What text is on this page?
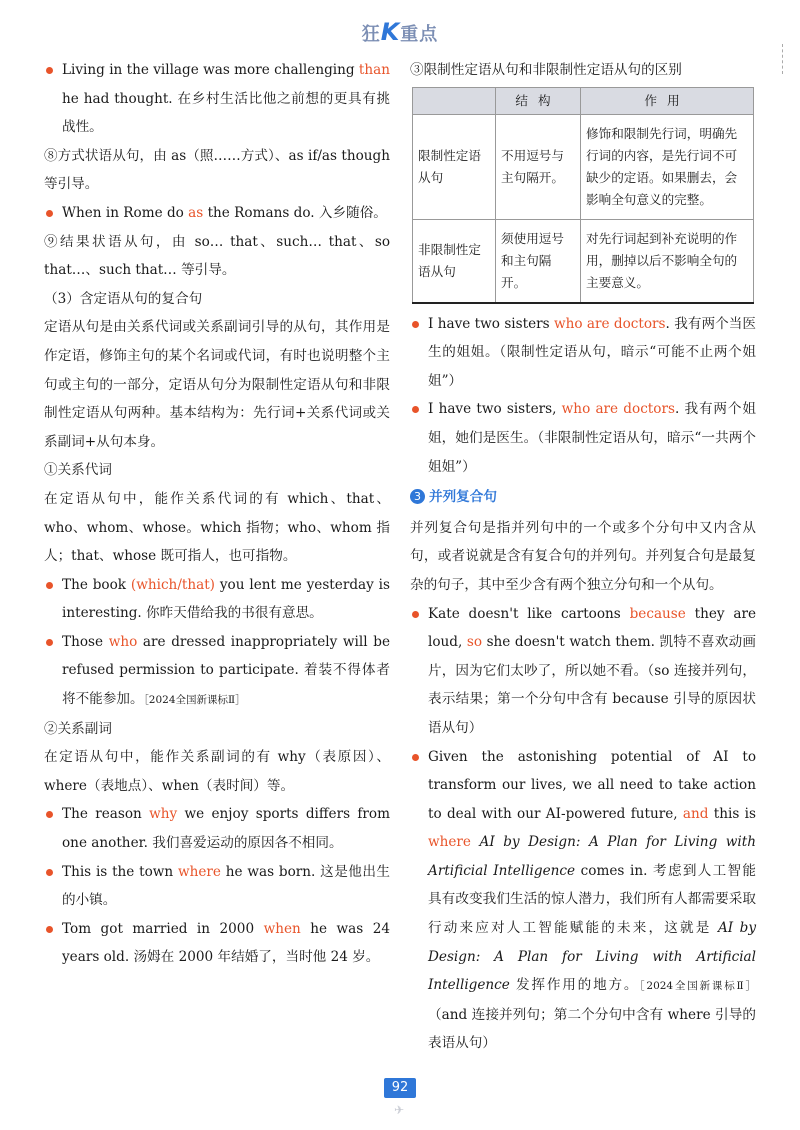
狂K重点

Living in the village was more challenging than he had thought. 在乡村生活比他之前想的更具有挑战性。

⑧方式状语从句，由 as（照……方式）、as if/as though 等引导。

When in Rome do as the Romans do. 入乡随俗。

⑨结果状语从句，由 so… that、such… that、so that…、such that… 等引导。

（3）含定语从句的复合句

定语从句是由关系代词或关系副词引导的从句，其作用是作定语，修饰主句的某个名词或代词，有时也说明整个主句或主句的一部分，定语从句分为限制性定语从句和非限制性定语从句两种。基本结构为：先行词+关系代词或关系副词+从句本身。

①关系代词

在定语从句中，能作关系代词的有 which、that、who、whom、whose。which 指物；who、whom 指人；that、whose 既可指人，也可指物。

The book (which/that) you lent me yesterday is interesting. 你昨天借给我的书很有意思。

Those who are dressed inappropriately will be refused permission to participate. 着装不得体者将不能参加。［2024全国新课标Ⅱ］

②关系副词

在定语从句中，能作关系副词的有 why（表原因）、where（表地点）、when（表时间）等。

The reason why we enjoy sports differs from one another. 我们喜爱运动的原因各不相同。

This is the town where he was born. 这是他出生的小镇。

Tom got married in 2000 when he was 24 years old. 汤姆在 2000 年结婚了，当时他 24 岁。

③限制性定语从句和非限制性定语从句的区别

	结构	作用
限制性定语从句	不用逗号与主句隔开。	修饰和限制先行词，明确先行词的内容，是先行词不可缺少的定语。如果删去，会影响全句意义的完整。
非限制性定语从句	须使用逗号和主句隔开。	对先行词起到补充说明的作用，删掉以后不影响全句的主要意义。

I have two sisters who are doctors. 我有两个当医生的姐姐。（限制性定语从句，暗示“可能不止两个姐姐”）

I have two sisters, who are doctors. 我有两个姐姐，她们是医生。（非限制性定语从句，暗示“一共两个姐姐”）

3 并列复合句

并列复合句是指并列句中的一个或多个分句中又内含从句，或者说就是含有复合句的并列句。并列复合句是最复杂的句子，其中至少含有两个独立分句和一个从句。

Kate doesn't like cartoons because they are loud, so she doesn't watch them. 凯特不喜欢动画片，因为它们太吵了，所以她不看。（so 连接并列句，表示结果；第一个分句中含有 because 引导的原因状语从句）

Given the astonishing potential of AI to transform our lives, we all need to take action to deal with our AI-powered future, and this is where AI by Design: A Plan for Living with Artificial Intelligence comes in. 考虑到人工智能具有改变我们生活的惊人潜力，我们所有人都需要采取行动来应对人工智能赋能的未来，这就是 AI by Design: A Plan for Living with Artificial Intelligence 发挥作用的地方。［2024全国新课标Ⅱ］（and 连接并列句；第二个分句中含有 where 引导的表语从句）

92
✈
